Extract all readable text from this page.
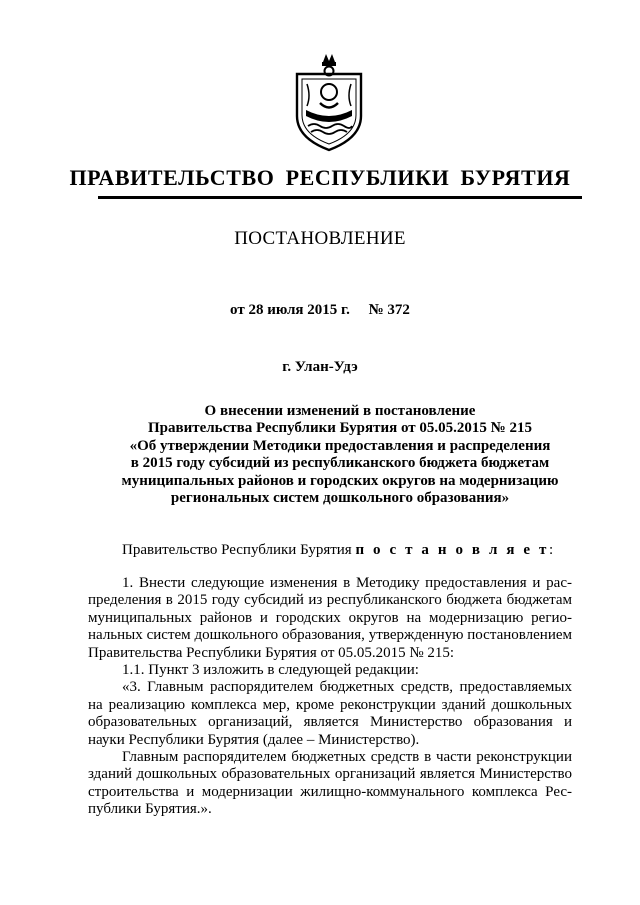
ПРАВИТЕЛЬСТВО РЕСПУБЛИКИ БУРЯТИЯ
ПОСТАНОВЛЕНИЕ
от 28 июля 2015 г.     № 372
г. Улан-Удэ
О внесении изменений в постановление
Правительства Республики Бурятия от 05.05.2015 № 215
«Об утверждении Методики предоставления и распределения
в 2015 году субсидий из республиканского бюджета бюджетам
муниципальных районов и городских округов на модернизацию
региональных систем дошкольного образования»
Правительство Республики Бурятия п о с т а н о в л я е т:
1. Внести следующие изменения в Методику предоставления и рас-
пределения в 2015 году субсидий из республиканского бюджета бюджетам
муниципальных районов и городских округов на модернизацию регио-
нальных систем дошкольного образования, утвержденную постановлением
Правительства Республики Бурятия от 05.05.2015 № 215:
1.1. Пункт 3 изложить в следующей редакции:
«3. Главным распорядителем бюджетных средств, предоставляемых
на реализацию комплекса мер, кроме реконструкции зданий дошкольных
образовательных организаций, является Министерство образования и
науки Республики Бурятия (далее – Министерство).
Главным распорядителем бюджетных средств в части реконструкции
зданий дошкольных образовательных организаций является Министерство
строительства и модернизации жилищно-коммунального комплекса Рес-
публики Бурятия.».
